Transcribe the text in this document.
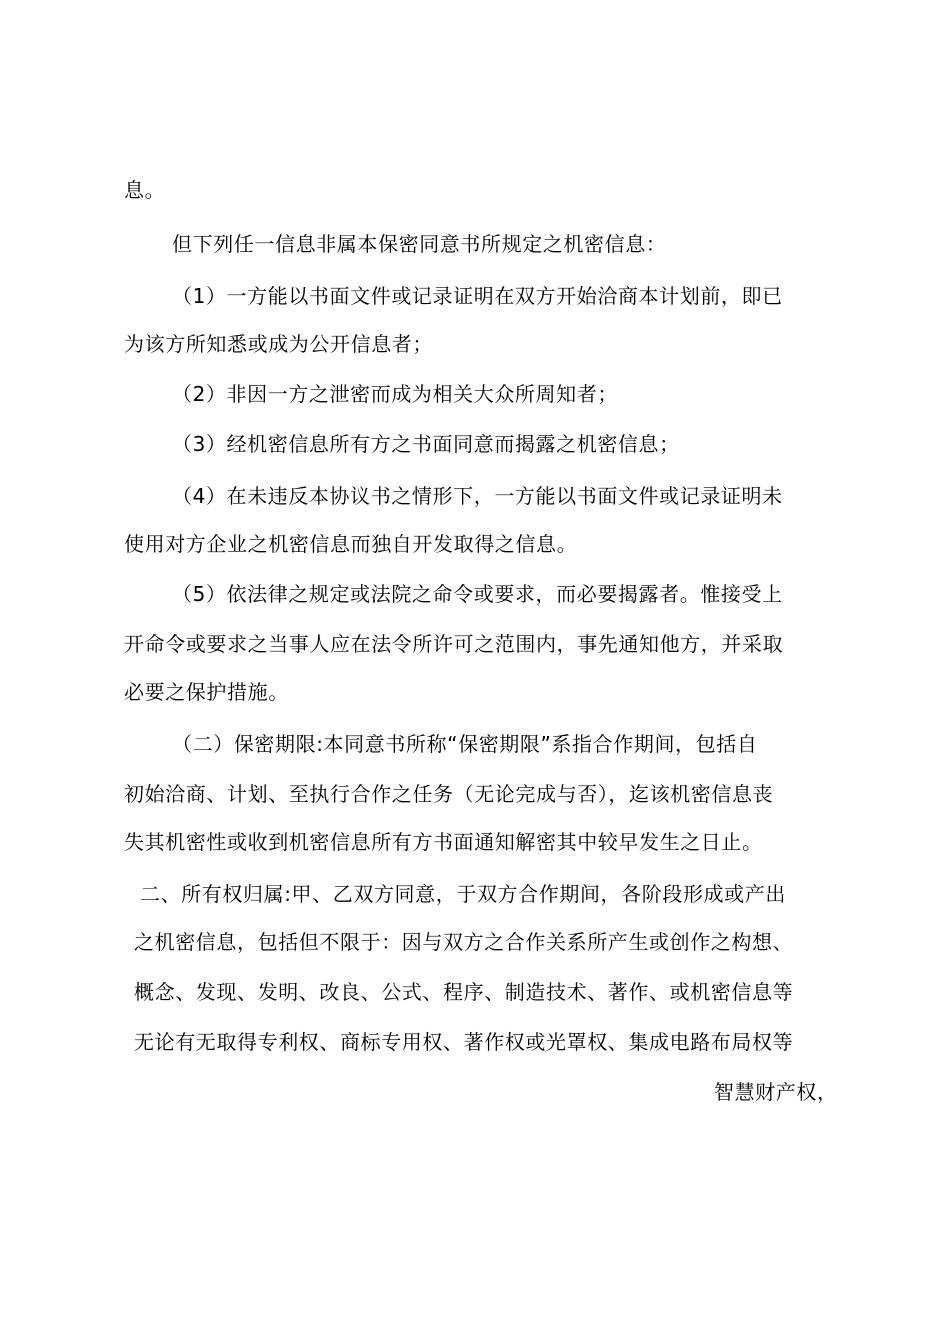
息。
但下列任一信息非属本保密同意书所规定之机密信息：
（1）一方能以书面文件或记录证明在双方开始洽商本计划前，即已
为该方所知悉或成为公开信息者；
（2）非因一方之泄密而成为相关大众所周知者；
（3）经机密信息所有方之书面同意而揭露之机密信息；
（4）在未违反本协议书之情形下，一方能以书面文件或记录证明未
使用对方企业之机密信息而独自开发取得之信息。
（5）依法律之规定或法院之命令或要求，而必要揭露者。惟接受上
开命令或要求之当事人应在法令所许可之范围内，事先通知他方，并采取
必要之保护措施。
（二）保密期限:本同意书所称“保密期限”系指合作期间，包括自
初始洽商、计划、至执行合作之任务（无论完成与否），迄该机密信息丧
失其机密性或收到机密信息所有方书面通知解密其中较早发生之日止。
二、所有权归属:甲、乙双方同意，于双方合作期间，各阶段形成或产出
之机密信息，包括但不限于：因与双方之合作关系所产生或创作之构想、
概念、发现、发明、改良、公式、程序、制造技术、著作、或机密信息等
无论有无取得专利权、商标专用权、著作权或光罩权、集成电路布局权等
智慧财产权，
